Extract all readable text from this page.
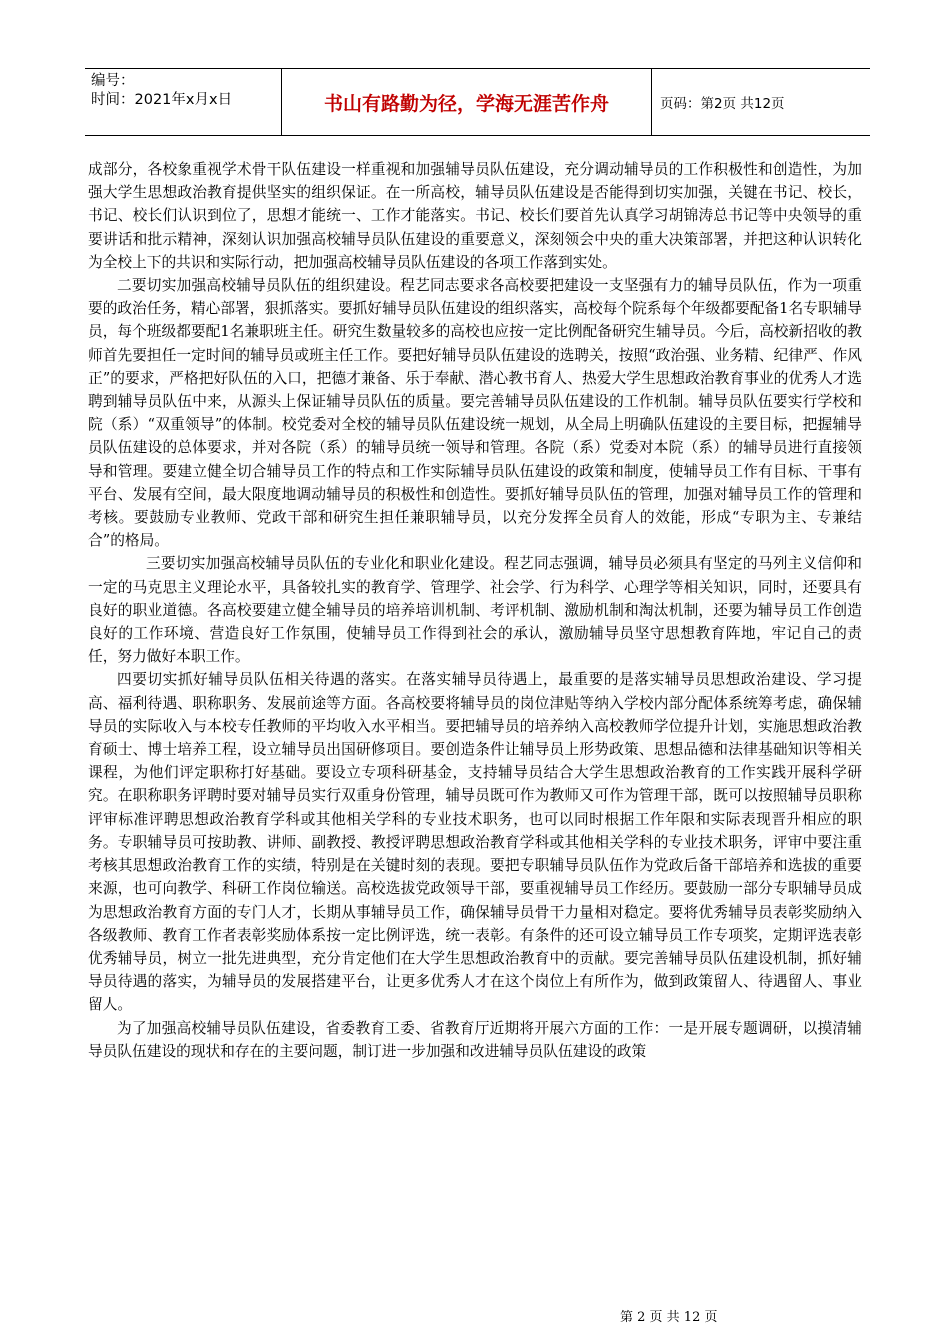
编号：
时间：2021年x月x日	书山有路勤为径，学海无涯苦作舟	页码：第2页 共12页

成部分，各校象重视学术骨干队伍建设一样重视和加强辅导员队伍建设，充分调动辅导员的工作积极性和创造性，为加强大学生思想政治教育提供坚实的组织保证。在一所高校，辅导员队伍建设是否能得到切实加强，关键在书记、校长，书记、校长们认识到位了，思想才能统一、工作才能落实。书记、校长们要首先认真学习胡锦涛总书记等中央领导的重要讲话和批示精神，深刻认识加强高校辅导员队伍建设的重要意义，深刻领会中央的重大决策部署，并把这种认识转化为全校上下的共识和实际行动，把加强高校辅导员队伍建设的各项工作落到实处。

二要切实加强高校辅导员队伍的组织建设。程艺同志要求各高校要把建设一支坚强有力的辅导员队伍，作为一项重要的政治任务，精心部署，狠抓落实。要抓好辅导员队伍建设的组织落实，高校每个院系每个年级都要配备1名专职辅导员，每个班级都要配1名兼职班主任。研究生数量较多的高校也应按一定比例配备研究生辅导员。今后，高校新招收的教师首先要担任一定时间的辅导员或班主任工作。要把好辅导员队伍建设的选聘关，按照“政治强、业务精、纪律严、作风正”的要求，严格把好队伍的入口，把德才兼备、乐于奉献、潜心教书育人、热爱大学生思想政治教育事业的优秀人才选聘到辅导员队伍中来，从源头上保证辅导员队伍的质量。要完善辅导员队伍建设的工作机制。辅导员队伍要实行学校和院（系）“双重领导”的体制。校党委对全校的辅导员队伍建设统一规划，从全局上明确队伍建设的主要目标，把握辅导员队伍建设的总体要求，并对各院（系）的辅导员统一领导和管理。各院（系）党委对本院（系）的辅导员进行直接领导和管理。要建立健全切合辅导员工作的特点和工作实际辅导员队伍建设的政策和制度，使辅导员工作有目标、干事有平台、发展有空间，最大限度地调动辅导员的积极性和创造性。要抓好辅导员队伍的管理，加强对辅导员工作的管理和考核。要鼓励专业教师、党政干部和研究生担任兼职辅导员，以充分发挥全员育人的效能，形成“专职为主、专兼结合”的格局。

三要切实加强高校辅导员队伍的专业化和职业化建设。程艺同志强调，辅导员必须具有坚定的马列主义信仰和一定的马克思主义理论水平，具备较扎实的教育学、管理学、社会学、行为科学、心理学等相关知识，同时，还要具有良好的职业道德。各高校要建立健全辅导员的培养培训机制、考评机制、激励机制和淘汰机制，还要为辅导员工作创造良好的工作环境、营造良好工作氛围，使辅导员工作得到社会的承认，激励辅导员坚守思想教育阵地，牢记自己的责任，努力做好本职工作。

四要切实抓好辅导员队伍相关待遇的落实。在落实辅导员待遇上，最重要的是落实辅导员思想政治建设、学习提高、福利待遇、职称职务、发展前途等方面。各高校要将辅导员的岗位津贴等纳入学校内部分配体系统筹考虑，确保辅导员的实际收入与本校专任教师的平均收入水平相当。要把辅导员的培养纳入高校教师学位提升计划，实施思想政治教育硕士、博士培养工程，设立辅导员出国研修项目。要创造条件让辅导员上形势政策、思想品德和法律基础知识等相关课程，为他们评定职称打好基础。要设立专项科研基金，支持辅导员结合大学生思想政治教育的工作实践开展科学研究。在职称职务评聘时要对辅导员实行双重身份管理，辅导员既可作为教师又可作为管理干部，既可以按照辅导员职称评审标准评聘思想政治教育学科或其他相关学科的专业技术职务，也可以同时根据工作年限和实际表现晋升相应的职务。专职辅导员可按助教、讲师、副教授、教授评聘思想政治教育学科或其他相关学科的专业技术职务，评审中要注重考核其思想政治教育工作的实绩，特别是在关键时刻的表现。要把专职辅导员队伍作为党政后备干部培养和选拔的重要来源，也可向教学、科研工作岗位输送。高校选拔党政领导干部，要重视辅导员工作经历。要鼓励一部分专职辅导员成为思想政治教育方面的专门人才，长期从事辅导员工作，确保辅导员骨干力量相对稳定。要将优秀辅导员表彰奖励纳入各级教师、教育工作者表彰奖励体系按一定比例评选，统一表彰。有条件的还可设立辅导员工作专项奖，定期评选表彰优秀辅导员，树立一批先进典型，充分肯定他们在大学生思想政治教育中的贡献。要完善辅导员队伍建设机制，抓好辅导员待遇的落实，为辅导员的发展搭建平台，让更多优秀人才在这个岗位上有所作为，做到政策留人、待遇留人、事业留人。

为了加强高校辅导员队伍建设，省委教育工委、省教育厅近期将开展六方面的工作：一是开展专题调研，以摸清辅导员队伍建设的现状和存在的主要问题，制订进一步加强和改进辅导员队伍建设的政策

第 2 页 共 12 页
